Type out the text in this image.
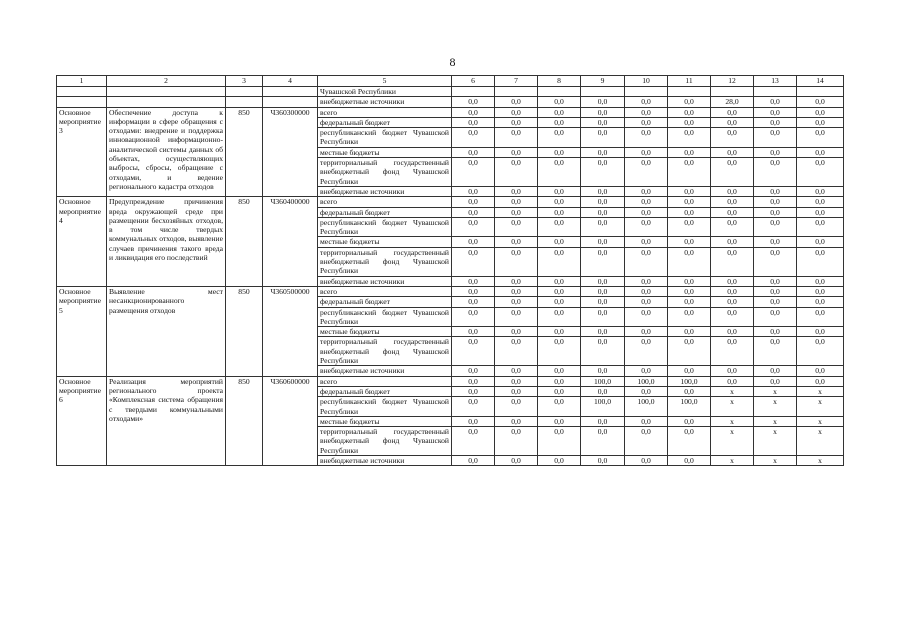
8
1	2	3	4	5	6	7	8	9	10	11	12	13	14
				Чувашской Республики									
				внебюджетные источники	0,0	0,0	0,0	0,0	0,0	0,0	28,0	0,0	0,0
Основное мероприятие 3	Обеспечение доступа к информации в сфере обращения с отходами: внедрение и поддержка инновационной информационно-аналитической системы данных об объектах, осуществляющих выбросы, сбросы, обращение с отходами, и ведение регионального кадастра отходов	850	Ч360300000	всего	0,0	0,0	0,0	0,0	0,0	0,0	0,0	0,0	0,0
				федеральный бюджет	0,0	0,0	0,0	0,0	0,0	0,0	0,0	0,0	0,0
				республиканский бюджет Чувашской Республики	0,0	0,0	0,0	0,0	0,0	0,0	0,0	0,0	0,0
				местные бюджеты	0,0	0,0	0,0	0,0	0,0	0,0	0,0	0,0	0,0
				территориальный государственный внебюджетный фонд Чувашской Республики	0,0	0,0	0,0	0,0	0,0	0,0	0,0	0,0	0,0
				внебюджетные источники	0,0	0,0	0,0	0,0	0,0	0,0	0,0	0,0	0,0
Основное мероприятие 4	Предупреждение причинения вреда окружающей среде при размещении бесхозяйных отходов, в том числе твердых коммунальных отходов, выявление случаев причинения такого вреда и ликвидация его последствий	850	Ч360400000	всего	0,0	0,0	0,0	0,0	0,0	0,0	0,0	0,0	0,0
				федеральный бюджет	0,0	0,0	0,0	0,0	0,0	0,0	0,0	0,0	0,0
				республиканский бюджет Чувашской Республики	0,0	0,0	0,0	0,0	0,0	0,0	0,0	0,0	0,0
				местные бюджеты	0,0	0,0	0,0	0,0	0,0	0,0	0,0	0,0	0,0
				территориальный государственный внебюджетный фонд Чувашской Республики	0,0	0,0	0,0	0,0	0,0	0,0	0,0	0,0	0,0
				внебюджетные источники	0,0	0,0	0,0	0,0	0,0	0,0	0,0	0,0	0,0
Основное мероприятие 5	Выявление мест несанкционированного размещения отходов	850	Ч360500000	всего	0,0	0,0	0,0	0,0	0,0	0,0	0,0	0,0	0,0
				федеральный бюджет	0,0	0,0	0,0	0,0	0,0	0,0	0,0	0,0	0,0
				республиканский бюджет Чувашской Республики	0,0	0,0	0,0	0,0	0,0	0,0	0,0	0,0	0,0
				местные бюджеты	0,0	0,0	0,0	0,0	0,0	0,0	0,0	0,0	0,0
				территориальный государственный внебюджетный фонд Чувашской Республики	0,0	0,0	0,0	0,0	0,0	0,0	0,0	0,0	0,0
				внебюджетные источники	0,0	0,0	0,0	0,0	0,0	0,0	0,0	0,0	0,0
Основное мероприятие 6	Реализация мероприятий регионального проекта «Комплексная система обращения с твердыми коммунальными отходами»	850	Ч360600000	всего	0,0	0,0	0,0	100,0	100,0	100,0	0,0	0,0	0,0
				федеральный бюджет	0,0	0,0	0,0	0,0	0,0	0,0	x	x	x
				республиканский бюджет Чувашской Республики	0,0	0,0	0,0	100,0	100,0	100,0	x	x	x
				местные бюджеты	0,0	0,0	0,0	0,0	0,0	0,0	x	x	x
				территориальный государственный внебюджетный фонд Чувашской Республики	0,0	0,0	0,0	0,0	0,0	0,0	x	x	x
				внебюджетные источники	0,0	0,0	0,0	0,0	0,0	0,0	x	x	x
